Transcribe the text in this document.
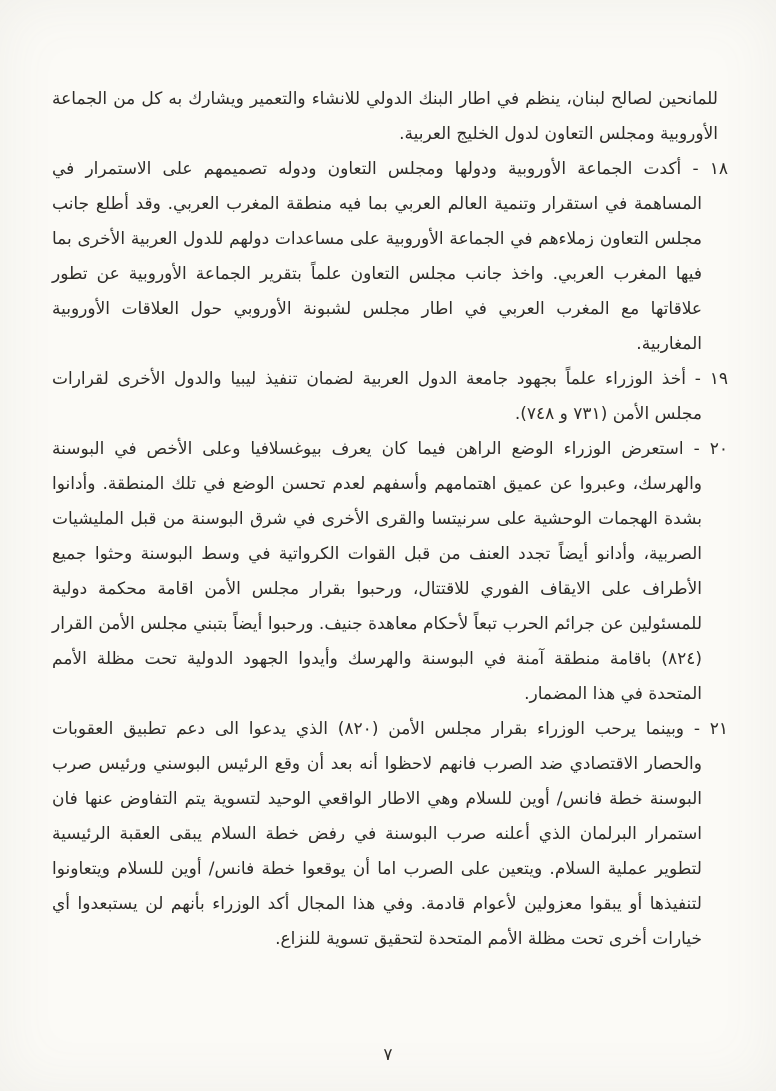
للمانحين لصالح لبنان، ينظم في اطار البنك الدولي للانشاء والتعمير ويشارك به كل من الجماعة الأوروبية ومجلس التعاون لدول الخليج العربية.

١٨ - أكدت الجماعة الأوروبية ودولها ومجلس التعاون ودوله تصميمهم على الاستمرار في المساهمة في استقرار وتنمية العالم العربي بما فيه منطقة المغرب العربي. وقد أطلع جانب مجلس التعاون زملاءهم في الجماعة الأوروبية على مساعدات دولهم للدول العربية الأخرى بما فيها المغرب العربي. واخذ جانب مجلس التعاون علماً بتقرير الجماعة الأوروبية عن تطور علاقاتها مع المغرب العربي في اطار مجلس لشبونة الأوروبي حول العلاقات الأوروبية المغاربية.

١٩ - أخذ الوزراء علماً بجهود جامعة الدول العربية لضمان تنفيذ ليبيا والدول الأخرى لقرارات مجلس الأمن (٧٣١ و ٧٤٨).

٢٠ - استعرض الوزراء الوضع الراهن فيما كان يعرف بيوغسلافيا وعلى الأخص في البوسنة والهرسك، وعبروا عن عميق اهتمامهم وأسفهم لعدم تحسن الوضع في تلك المنطقة. وأدانوا بشدة الهجمات الوحشية على سرنيتسا والقرى الأخرى في شرق البوسنة من قبل المليشيات الصربية، وأدانو أيضاً تجدد العنف من قبل القوات الكرواتية في وسط البوسنة وحثوا جميع الأطراف على الايقاف الفوري للاقتتال، ورحبوا بقرار مجلس الأمن اقامة محكمة دولية للمسئولين عن جرائم الحرب تبعاً لأحكام معاهدة جنيف. ورحبوا أيضاً بتبني مجلس الأمن القرار (٨٢٤) باقامة منطقة آمنة في البوسنة والهرسك وأيدوا الجهود الدولية تحت مظلة الأمم المتحدة في هذا المضمار.

٢١ - وبينما يرحب الوزراء بقرار مجلس الأمن (٨٢٠) الذي يدعوا الى دعم تطبيق العقوبات والحصار الاقتصادي ضد الصرب فانهم لاحظوا أنه بعد أن وقع الرئيس البوسني ورئيس صرب البوسنة خطة فانس/ أوين للسلام وهي الاطار الواقعي الوحيد لتسوية يتم التفاوض عنها فان استمرار البرلمان الذي أعلنه صرب البوسنة في رفض خطة السلام يبقى العقبة الرئيسية لتطوير عملية السلام. ويتعين على الصرب اما أن يوقعوا خطة فانس/ أوين للسلام ويتعاونوا لتنفيذها أو يبقوا معزولين لأعوام قادمة. وفي هذا المجال أكد الوزراء بأنهم لن يستبعدوا أي خيارات أخرى تحت مظلة الأمم المتحدة لتحقيق تسوية للنزاع.

٧
